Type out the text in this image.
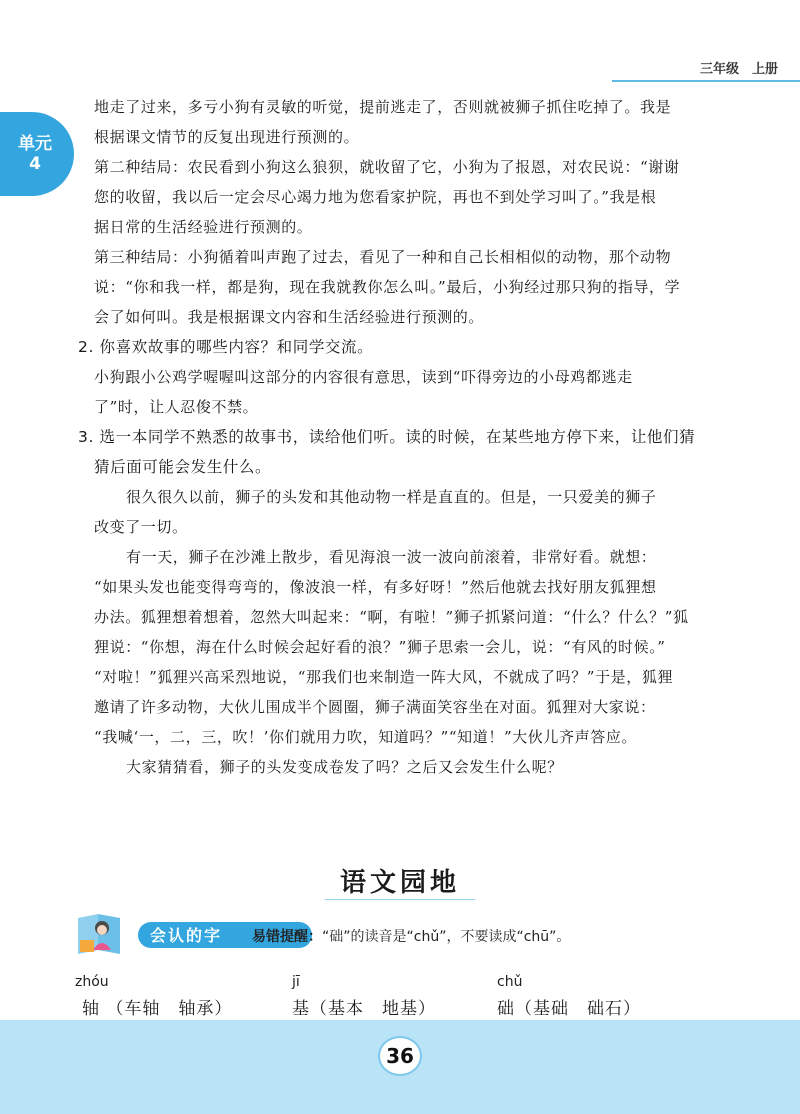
三年级　上册
单元
4

地走了过来，多亏小狗有灵敏的听觉，提前逃走了，否则就被狮子抓住吃掉了。我是

根据课文情节的反复出现进行预测的。

第二种结局：农民看到小狗这么狼狈，就收留了它，小狗为了报恩，对农民说：“谢谢

您的收留，我以后一定会尽心竭力地为您看家护院，再也不到处学习叫了。”我是根

据日常的生活经验进行预测的。

第三种结局：小狗循着叫声跑了过去，看见了一种和自己长相相似的动物，那个动物

说：“你和我一样，都是狗，现在我就教你怎么叫。”最后，小狗经过那只狗的指导，学

会了如何叫。我是根据课文内容和生活经验进行预测的。

2. 你喜欢故事的哪些内容？和同学交流。

小狗跟小公鸡学喔喔叫这部分的内容很有意思，读到“吓得旁边的小母鸡都逃走

了”时，让人忍俊不禁。

3. 选一本同学不熟悉的故事书，读给他们听。读的时候，在某些地方停下来，让他们猜

猜后面可能会发生什么。

很久很久以前，狮子的头发和其他动物一样是直直的。但是，一只爱美的狮子

改变了一切。

有一天，狮子在沙滩上散步，看见海浪一波一波向前滚着，非常好看。就想：

“如果头发也能变得弯弯的，像波浪一样，有多好呀！”然后他就去找好朋友狐狸想

办法。狐狸想着想着，忽然大叫起来：“啊，有啦！”狮子抓紧问道：“什么？什么？”狐

狸说：“你想，海在什么时候会起好看的浪？”狮子思索一会儿，说：“有风的时候。”

“对啦！”狐狸兴高采烈地说，“那我们也来制造一阵大风，不就成了吗？”于是，狐狸

邀请了许多动物，大伙儿围成半个圆圈，狮子满面笑容坐在对面。狐狸对大家说：

“我喊‘一，二，三，吹！’你们就用力吹，知道吗？”“知道！”大伙儿齐声答应。

大家猜猜看，狮子的头发变成卷发了吗？之后又会发生什么呢？

语文园地
会认的字 易错提醒：“础”的读音是“chǔ”，不要读成“chū”。
zhóu
轴 （车轴　轴承）
jī
基（基本　地基）
chǔ
础（基础　础石）
36
